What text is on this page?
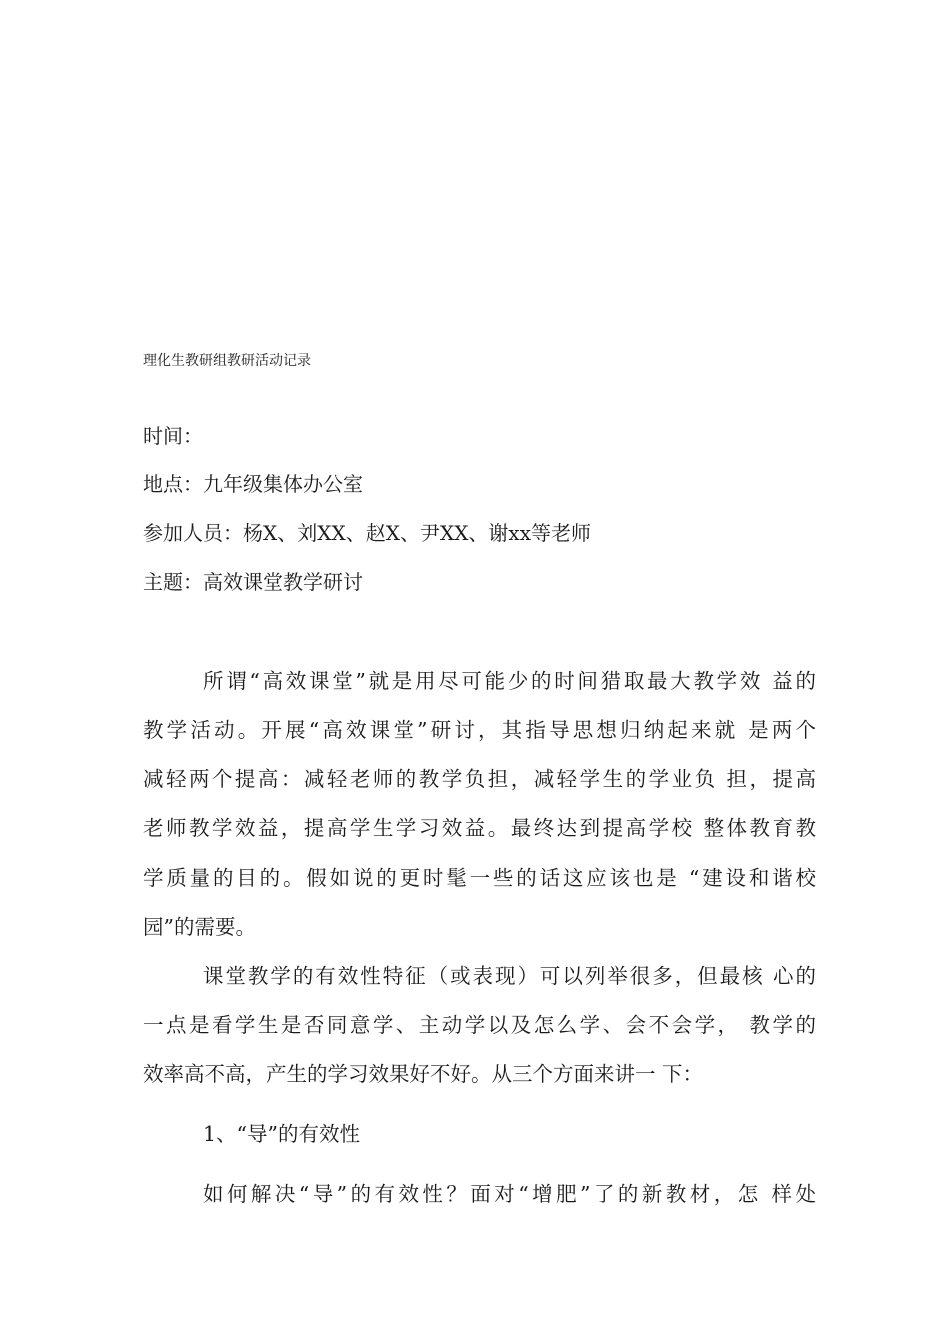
理化生教研组教研活动记录
时间：
地点：九年级集体办公室
参加人员：杨X、刘XX、赵X、尹XX、谢xx等老师
主题：高效课堂教学研讨
所谓“高效课堂”就是用尽可能少的时间猎取最大教学效 益的
教学活动。开展“高效课堂”研讨，其指导思想归纳起来就 是两个
减轻两个提高：减轻老师的教学负担，减轻学生的学业负 担，提高
老师教学效益，提高学生学习效益。最终达到提高学校 整体教育教
学质量的目的。假如说的更时髦一些的话这应该也是 “建设和谐校
园”的需要。
课堂教学的有效性特征（或表现）可以列举很多，但最核 心的
一点是看学生是否同意学、主动学以及怎么学、会不会学， 教学的
效率高不高，产生的学习效果好不好。从三个方面来讲一 下：
1、“导”的有效性
如何解决“导”的有效性？面对“增肥”了的新教材，怎 样处
